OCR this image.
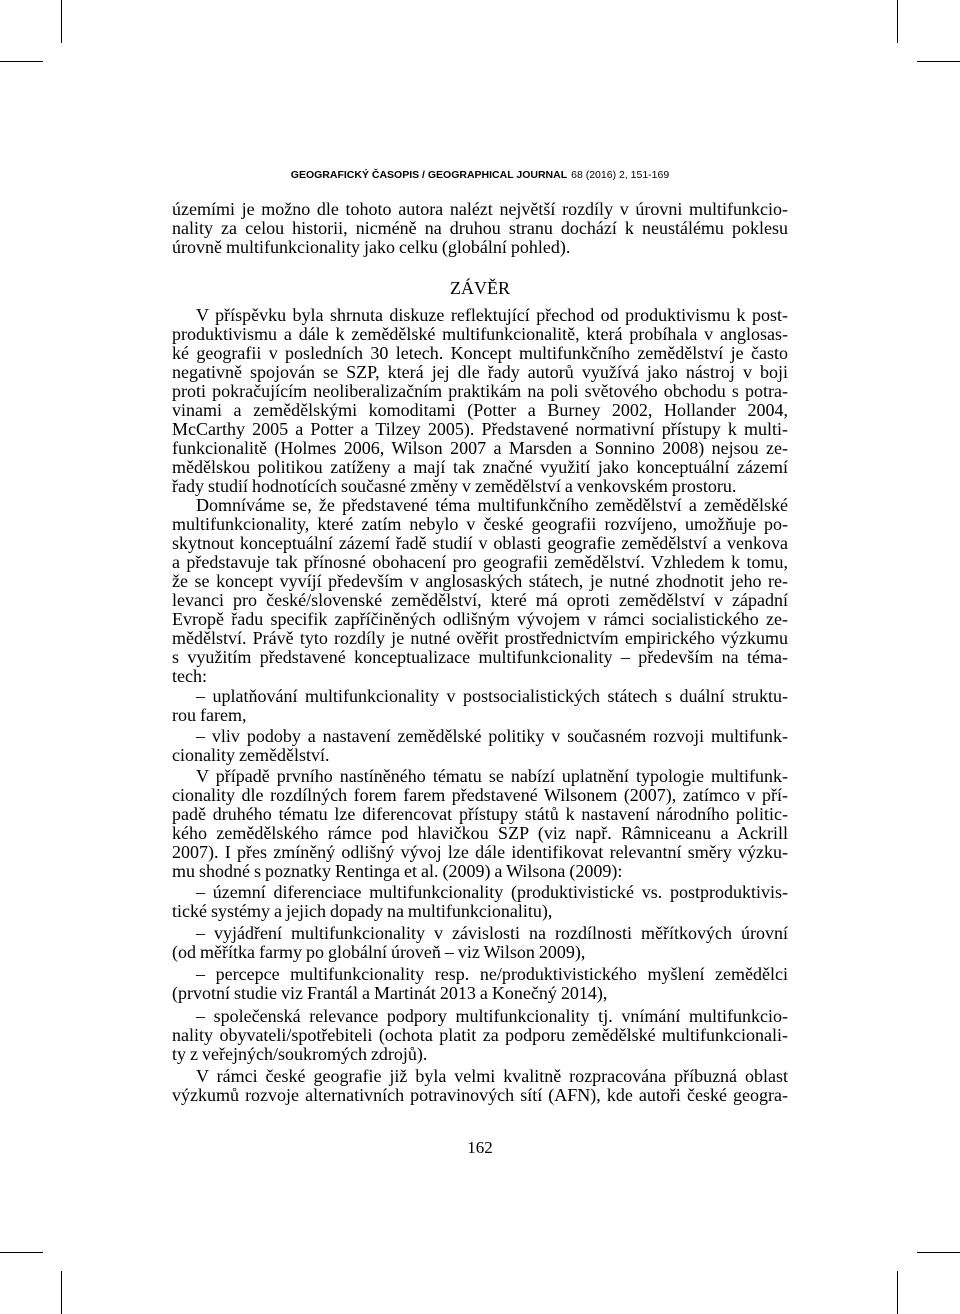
GEOGRAFICKÝ ČASOPIS / GEOGRAPHICAL JOURNAL 68 (2016) 2, 151-169
územími je možno dle tohoto autora nalézt největší rozdíly v úrovni multifunkcio-
nality za celou historii, nicméně na druhou stranu dochází k neustálému poklesu
úrovně multifunkcionality jako celku (globální pohled).
ZÁVĚR
V příspěvku byla shrnuta diskuze reflektující přechod od produktivismu k post-
produktivismu a dále k zemědělské multifunkcionalitě, která probíhala v anglosas-
ké geografii v posledních 30 letech. Koncept multifunkčního zemědělství je často
negativně spojován se SZP, která jej dle řady autorů využívá jako nástroj v boji
proti pokračujícím neoliberalizačním praktikám na poli světového obchodu s potra-
vinami a zemědělskými komoditami (Potter a Burney 2002, Hollander 2004,
McCarthy 2005 a Potter a Tilzey 2005). Představené normativní přístupy k multi-
funkcionalitě (Holmes 2006, Wilson 2007 a Marsden a Sonnino 2008) nejsou ze-
mědělskou politikou zatíženy a mají tak značné využití jako konceptuální zázemí
řady studií hodnotících současné změny v zemědělství a venkovském prostoru.
Domníváme se, že představené téma multifunkčního zemědělství a zemědělské
multifunkcionality, které zatím nebylo v české geografii rozvíjeno, umožňuje po-
skytnout konceptuální zázemí řadě studií v oblasti geografie zemědělství a venkova
a představuje tak přínosné obohacení pro geografii zemědělství. Vzhledem k tomu,
že se koncept vyvíjí především v anglosaských státech, je nutné zhodnotit jeho re-
levanci pro české/slovenské zemědělství, které má oproti zemědělství v západní
Evropě řadu specifik zapříčiněných odlišným vývojem v rámci socialistického ze-
mědělství. Právě tyto rozdíly je nutné ověřit prostřednictvím empirického výzkumu
s využitím představené konceptualizace multifunkcionality – především na téma-
tech:
– uplatňování multifunkcionality v postsocialistických státech s duální struktu-
rou farem,
– vliv podoby a nastavení zemědělské politiky v současném rozvoji multifunk-
cionality zemědělství.
V případě prvního nastíněného tématu se nabízí uplatnění typologie multifunk-
cionality dle rozdílných forem farem představené Wilsonem (2007), zatímco v pří-
padě druhého tématu lze diferencovat přístupy států k nastavení národního politic-
kého zemědělského rámce pod hlavičkou SZP (viz např. Râmniceanu a Ackrill
2007). I přes zmíněný odlišný vývoj lze dále identifikovat relevantní směry výzku-
mu shodné s poznatky Rentinga et al. (2009) a Wilsona (2009):
– územní diferenciace multifunkcionality (produktivistické vs. postproduktivis-
tické systémy a jejich dopady na multifunkcionalitu),
– vyjádření multifunkcionality v závislosti na rozdílnosti měřítkových úrovní
(od měřítka farmy po globální úroveň – viz Wilson 2009),
– percepce multifunkcionality resp. ne/produktivistického myšlení zemědělci
(prvotní studie viz Frantál a Martinát 2013 a Konečný 2014),
– společenská relevance podpory multifunkcionality tj. vnímání multifunkcio-
nality obyvateli/spotřebiteli (ochota platit za podporu zemědělské multifunkcionali-
ty z veřejných/soukromých zdrojů).
V rámci české geografie již byla velmi kvalitně rozpracována příbuzná oblast
výzkumů rozvoje alternativních potravinových sítí (AFN), kde autoři české geogra-
162
